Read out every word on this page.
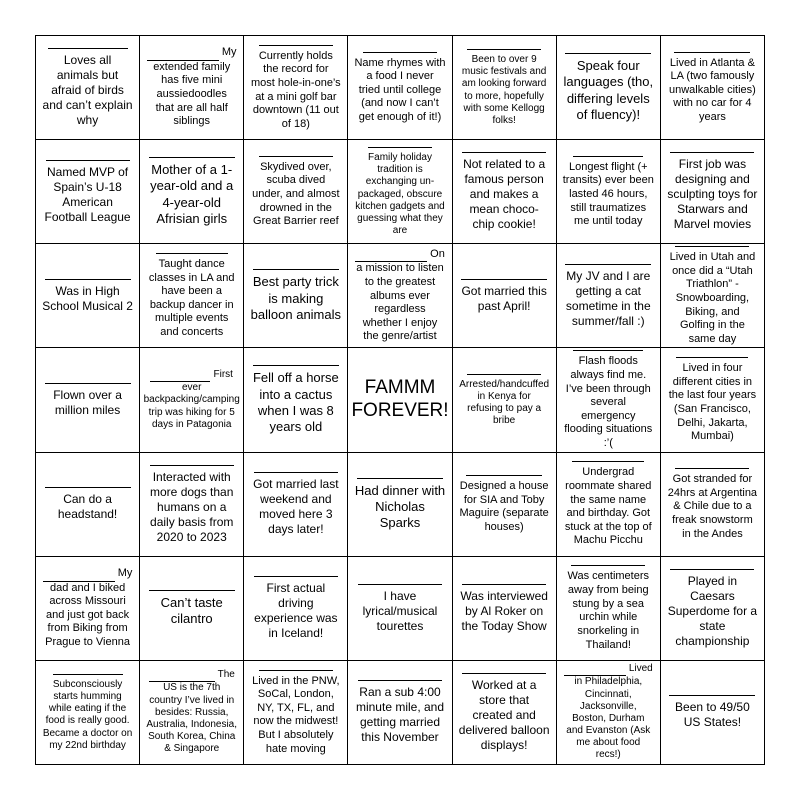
Loves all animals but afraid of birds and can’t explain why
My extended family has five mini aussiedoodles that are all half siblings
Currently holds the record for most hole-in-one’s at a mini golf bar downtown (11 out of 18)
Name rhymes with a food I never tried until college (and now I can’t get enough of it!)
Been to over 9 music festivals and am looking forward to more, hopefully with some Kellogg folks!
Speak four languages (tho, differing levels of fluency)!
Lived in Atlanta & LA (two famously unwalkable cities) with no car for 4 years
Named MVP of Spain’s U-18 American Football League
Mother of a 1-year-old and a 4-year-old Afrisian girls
Skydived over, scuba dived under, and almost drowned in the Great Barrier reef
Family holiday tradition is exchanging un-packaged, obscure kitchen gadgets and guessing what they are
Not related to a famous person and makes a mean choco-chip cookie!
Longest flight (+ transits) ever been lasted 46 hours, still traumatizes me until today
First job was designing and sculpting toys for Starwars and Marvel movies
Was in High School Musical 2
Taught dance classes in LA and have been a backup dancer in multiple events and concerts
Best party trick is making balloon animals
On a mission to listen to the greatest albums ever regardless whether I enjoy the genre/artist
Got married this past April!
My JV and I are getting a cat sometime in the summer/fall :)
Lived in Utah and once did a “Utah Triathlon” - Snowboarding, Biking, and Golfing in the same day
Flown over a million miles
First ever backpacking/camping trip was hiking for 5 days in Patagonia
Fell off a horse into a cactus when I was 8 years old
FAMMM FOREVER!
Arrested/handcuffed in Kenya for refusing to pay a bribe
Flash floods always find me. I’ve been through several emergency flooding situations :’(
Lived in four different cities in the last four years (San Francisco, Delhi, Jakarta, Mumbai)
Can do a headstand!
Interacted with more dogs than humans on a daily basis from 2020 to 2023
Got married last weekend and moved here 3 days later!
Had dinner with Nicholas Sparks
Designed a house for SIA and Toby Maguire (separate houses)
Undergrad roommate shared the same name and birthday. Got stuck at the top of Machu Picchu
Got stranded for 24hrs at Argentina & Chile due to a freak snowstorm in the Andes
My dad and I biked across Missouri and just got back from Biking from Prague to Vienna
Can’t taste cilantro
First actual driving experience was in Iceland!
I have lyrical/musical tourettes
Was interviewed by Al Roker on the Today Show
Was centimeters away from being stung by a sea urchin while snorkeling in Thailand!
Played in Caesars Superdome for a state championship
Subconsciously starts humming while eating if the food is really good. Became a doctor on my 22nd birthday
The US is the 7th country I’ve lived in besides: Russia, Australia, Indonesia, South Korea, China & Singapore
Lived in the PNW, SoCal, London, NY, TX, FL, and now the midwest! But I absolutely hate moving
Ran a sub 4:00 minute mile, and getting married this November
Worked at a store that created and delivered balloon displays!
Lived in Philadelphia, Cincinnati, Jacksonville, Boston, Durham and Evanston (Ask me about food recs!)
Been to 49/50 US States!
